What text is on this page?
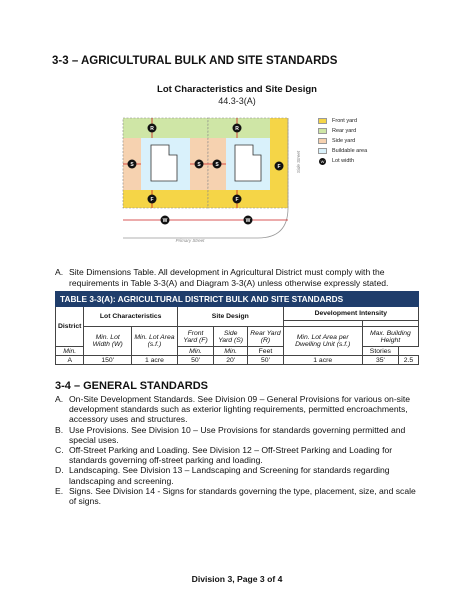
3-3 – AGRICULTURAL BULK AND SITE STANDARDS
Lot Characteristics and Site Design
44.3-3(A)
R	R
S	S	S
F	F
F
W	W
Primary Street
Side Street
Front yard
Rear yard
Side yard
Buildable area
W Lot width
A. Site Dimensions Table. All development in Agricultural District must comply with the requirements in Table 3-3(A) and Diagram 3-3(A) unless otherwise expressly stated.
TABLE 3-3(A): AGRICULTURAL DISTRICT BULK AND SITE STANDARDS								
District	Lot Characteristics		Site Design			Development Intensity		

	Min. Lot Width (W)	Min. Lot Area (s.f.)	Front Yard (F)	Side Yard (S)	Rear Yard (R)	Min. Lot Area per Dwelling Unit (s.f.)	Max. Building Height	
Min.			Min.	Min.	Feet		Stories	
A	150'	1 acre	50'	20'	50'	1 acre	35'	2.5
3-4 – GENERAL STANDARDS
A. On-Site Development Standards. See Division 09 – General Provisions for various on-site development standards such as exterior lighting requirements, permitted encroachments, accessory uses and structures.
B. Use Provisions. See Division 10 – Use Provisions for standards governing permitted and special uses.
C. Off-Street Parking and Loading. See Division 12 – Off-Street Parking and Loading for standards governing off-street parking and loading.
D. Landscaping. See Division 13 – Landscaping and Screening for standards regarding landscaping and screening.
E. Signs. See Division 14 - Signs for standards governing the type, placement, size, and scale of signs.
Division 3, Page 3 of 4
